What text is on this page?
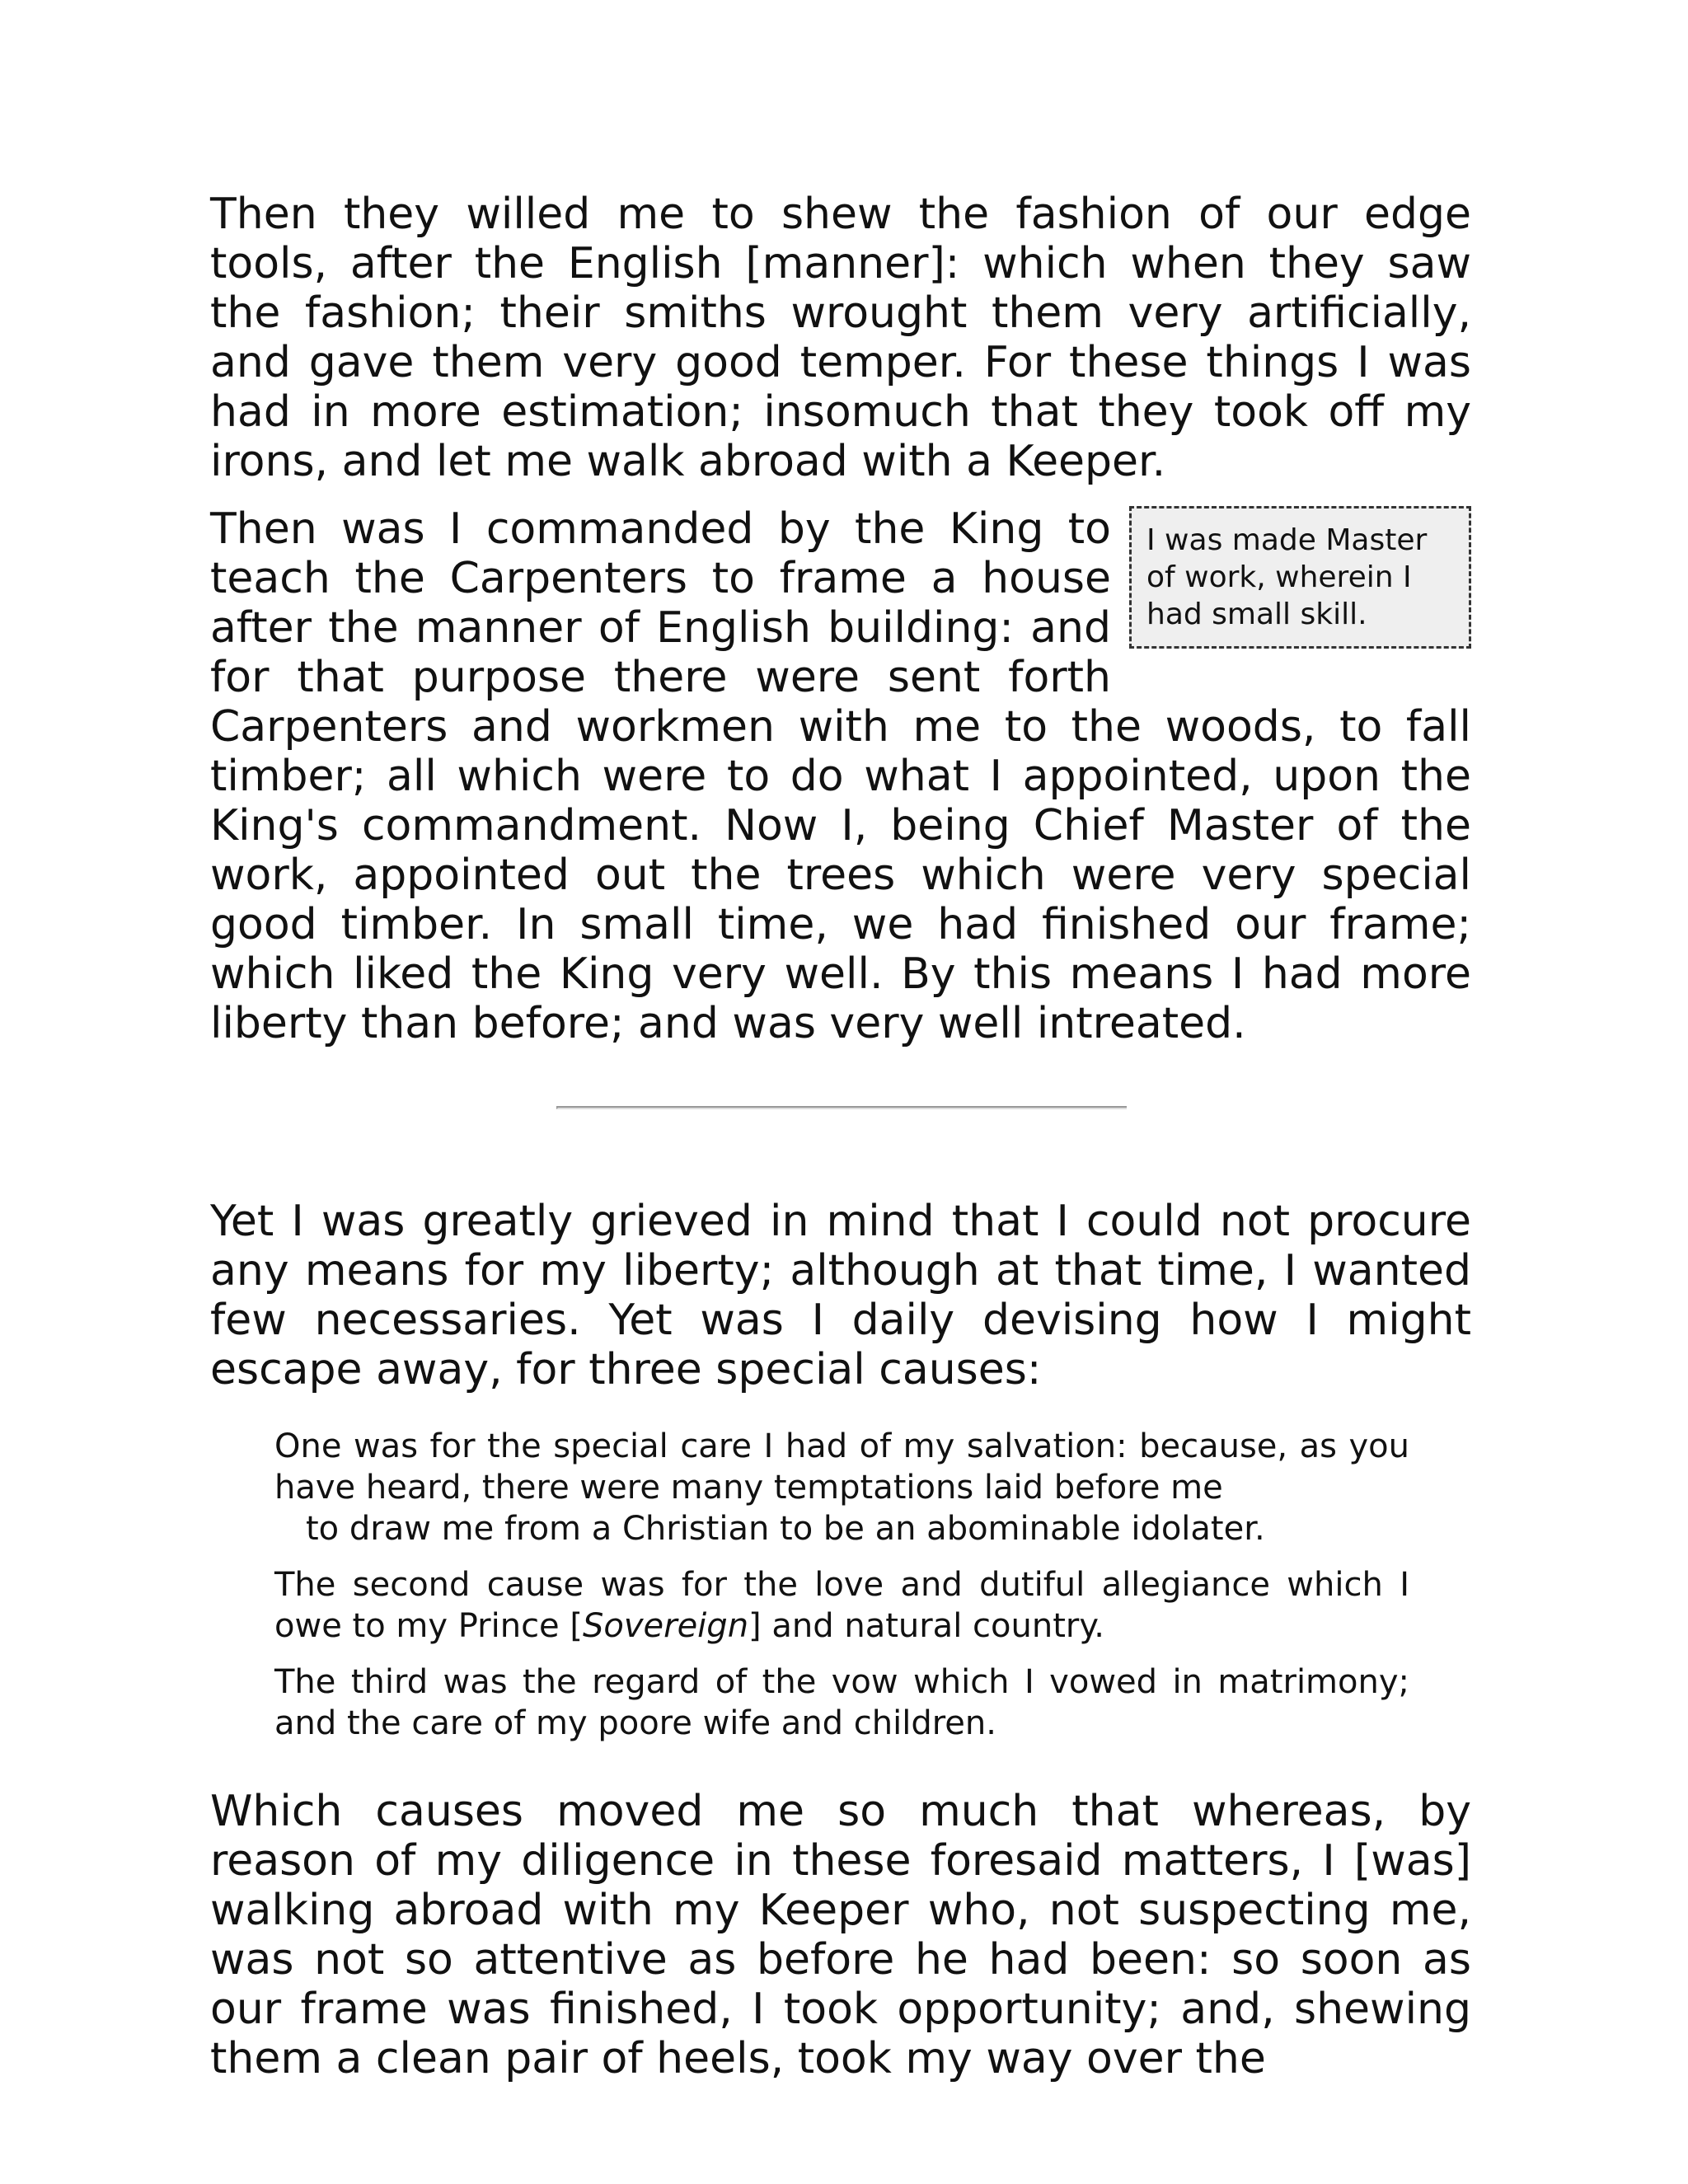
Then they willed me to shew the fashion of our edge tools, after the English [manner]: which when they saw the fashion; their smiths wrought them very artificially, and gave them very good temper. For these things I was had in more estimation; insomuch that they took off my irons, and let me walk abroad with a Keeper.

I was made Master of work, wherein I had small skill.

Then was I commanded by the King to teach the Carpenters to frame a house after the manner of English building: and for that purpose there were sent forth Carpenters and workmen with me to the woods, to fall timber; all which were to do what I appointed, upon the King's commandment. Now I, being Chief Master of the work, appointed out the trees which were very special good timber. In small time, we had finished our frame; which liked the King very well. By this means I had more liberty than before; and was very well intreated.

Yet I was greatly grieved in mind that I could not procure any means for my liberty; although at that time, I wanted few necessaries. Yet was I daily devising how I might escape away, for three special causes:

One was for the special care I had of my salvation: because, as you have heard, there were many temptations laid before me
to draw me from a Christian to be an abominable idolater.

The second cause was for the love and dutiful allegiance which I owe to my Prince [Sovereign] and natural country.

The third was the regard of the vow which I vowed in matrimony; and the care of my poore wife and children.

Which causes moved me so much that whereas, by reason of my diligence in these foresaid matters, I [was] walking abroad with my Keeper who, not suspecting me, was not so attentive as before he had been: so soon as our frame was finished, I took opportunity; and, shewing them a clean pair of heels, took my way over the
